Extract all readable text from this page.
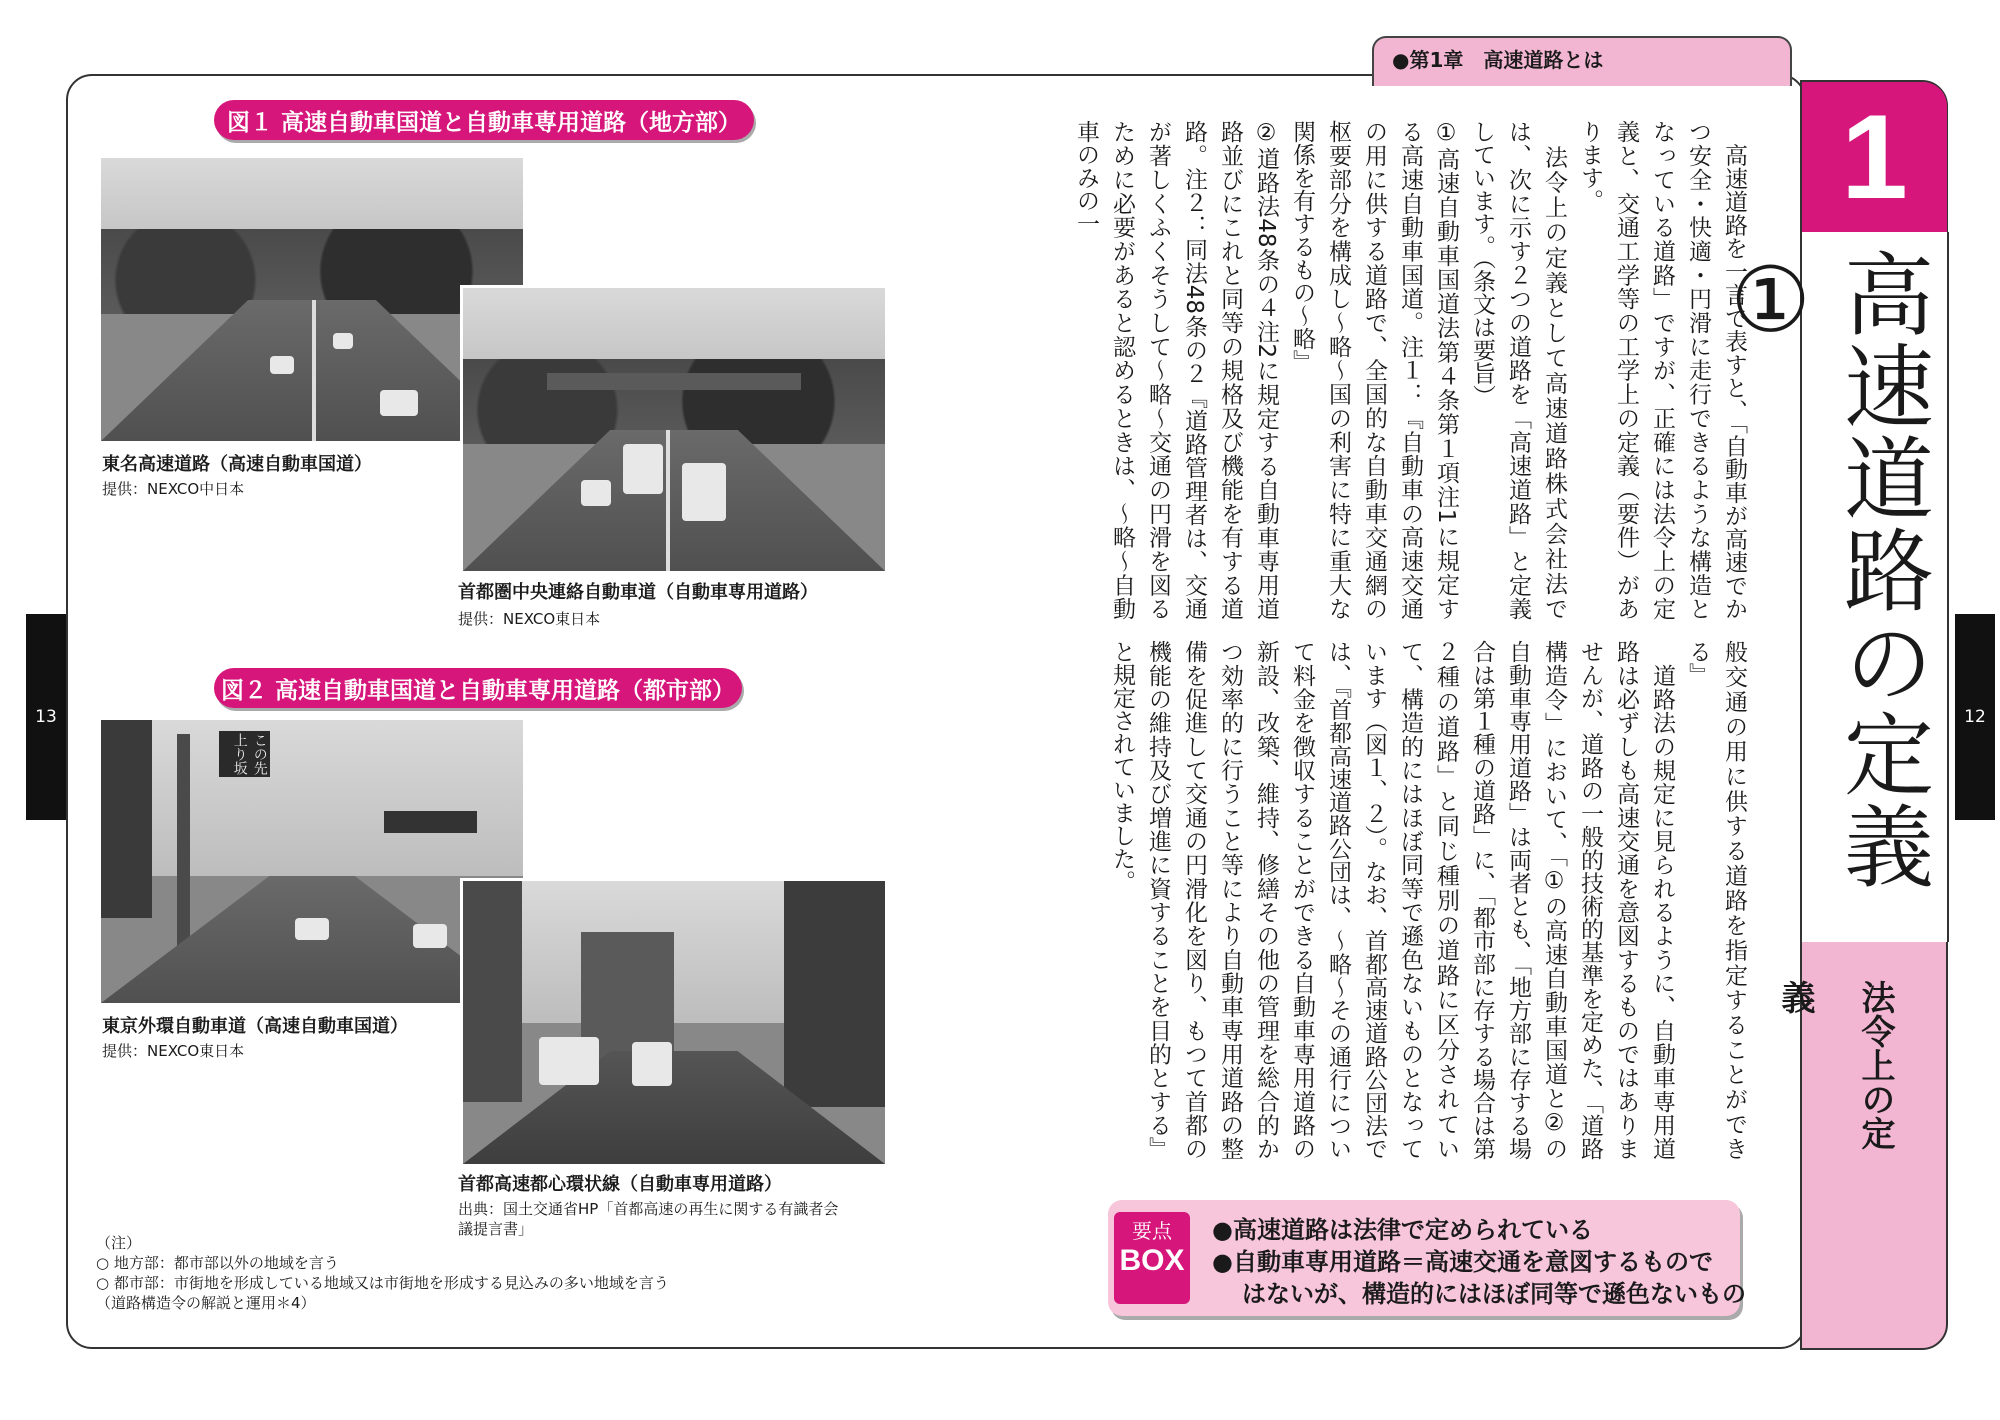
13	12
●第1章　高速道路とは
1
高速道路の定義①
法令上の定義
　高速道路を一言で表すと、「自動車が高速でかつ安全・快適・円滑に走行できるような構造となっている道路」ですが、正確には法令上の定義と、交通工学等の工学上の定義（要件）があります。
　法令上の定義として高速道路株式会社法では、次に示す２つの道路を「高速道路」と定義しています。（条文は要旨）
①高速自動車国道法第４条第１項注1に規定する高速自動車国道。注１：『自動車の高速交通の用に供する道路で、全国的な自動車交通網の枢要部分を構成し～略～国の利害に特に重大な関係を有するもの～略』
②道路法48条の４注2に規定する自動車専用道路並びにこれと同等の規格及び機能を有する道路。注２：同法48条の２『道路管理者は、交通が著しくふくそうして～略～交通の円滑を図るために必要があると認めるときは、～略～自動車のみの一
般交通の用に供する道路を指定することができる』
　道路法の規定に見られるように、自動車専用道路は必ずしも高速交通を意図するものではありませんが、道路の一般的技術的基準を定めた、「道路構造令」において、「①の高速自動車国道と②の自動車専用道路」は両者とも、「地方部に存する場合は第１種の道路」に、「都市部に存する場合は第２種の道路」と同じ種別の道路に区分されていて、構造的にはほぼ同等で遜色ないものとなっています（図１、２）。なお、首都高速道路公団法では、『首都高速道路公団は、～略～その通行について料金を徴収することができる自動車専用道路の新設、改築、維持、修繕その他の管理を総合的かつ効率的に行うこと等により自動車専用道路の整備を促進して交通の円滑化を図り、もつて首都の機能の維持及び増進に資することを目的とする』と規定されていました。
図１ 高速自動車国道と自動車専用道路（地方部）
東名高速道路（高速自動車国道）
提供：NEXCO中日本
首都圏中央連絡自動車道（自動車専用道路）
提供：NEXCO東日本
図２ 高速自動車国道と自動車専用道路（都市部）
この先上り坂
東京外環自動車道（高速自動車国道）
提供：NEXCO東日本
首都高速都心環状線（自動車専用道路）
出典：国土交通省HP「首都高速の再生に関する有識者会
議提言書」
（注）
○ 地方部：都市部以外の地域を言う
○ 都市部：市街地を形成している地域又は市街地を形成する見込みの多い地域を言う
（道路構造令の解説と運用＊4）
要点
BOX
●高速道路は法律で定められている
●自動車専用道路＝高速交通を意図するもので
はないが、構造的にはほぼ同等で遜色ないもの
